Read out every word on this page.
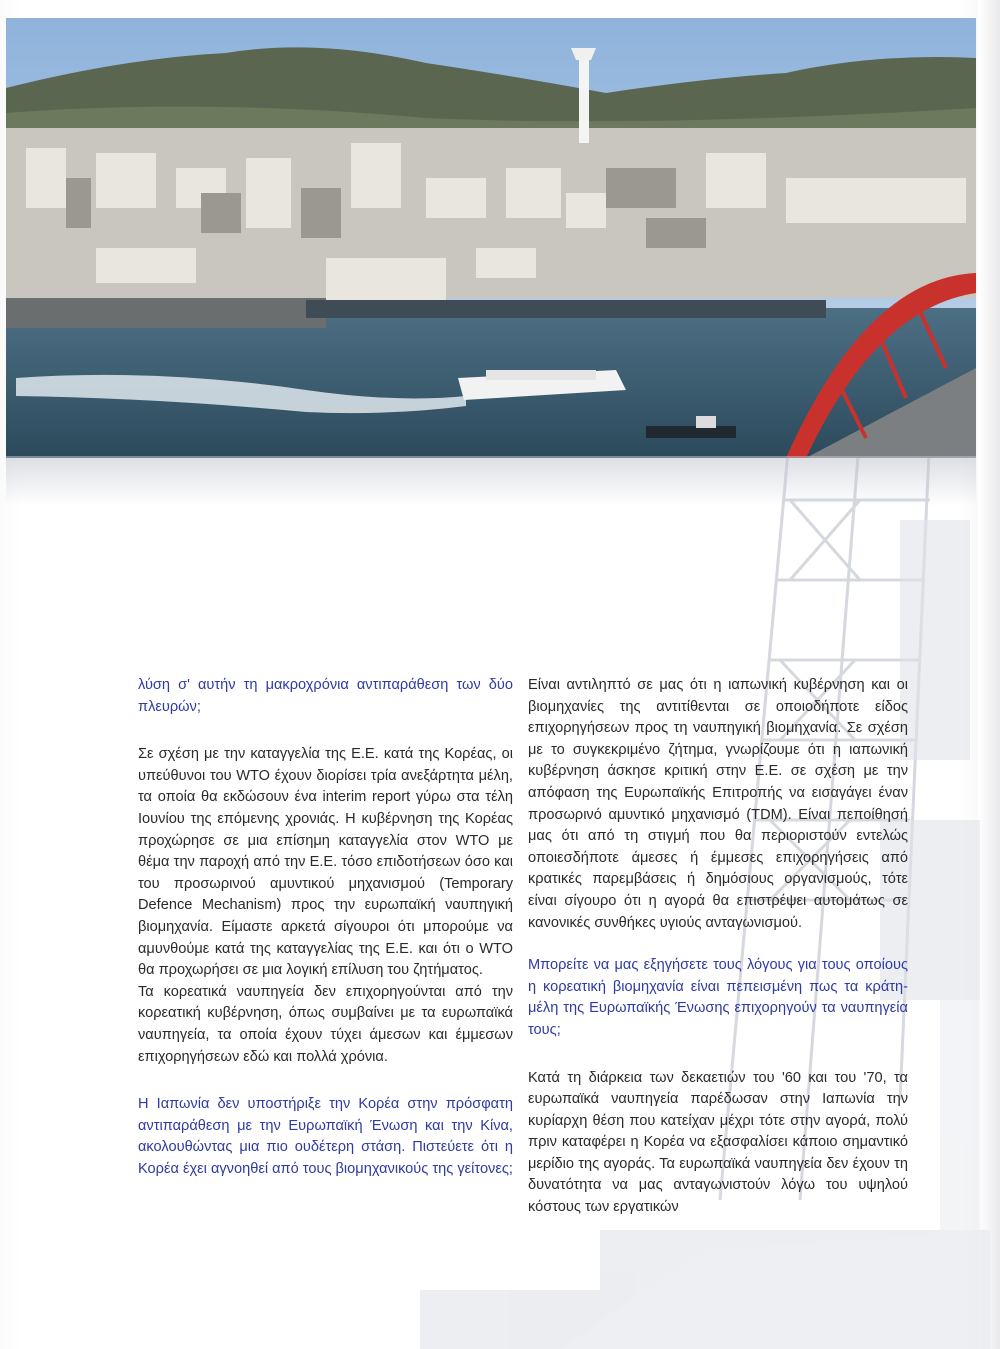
λύση σ' αυτήν τη μακροχρόνια αντιπαράθεση των δύο πλευρών;

Σε σχέση με την καταγγελία της Ε.Ε. κατά της Κορέας, οι υπεύθυνοι του WTO έχουν διορίσει τρία ανεξάρτητα μέλη, τα οποία θα εκδώσουν ένα interim report γύρω στα τέλη Ιουνίου της επόμενης χρονιάς. Η κυβέρνηση της Κορέας προχώρησε σε μια επίσημη καταγγελία στον WTO με θέμα την παροχή από την Ε.Ε. τόσο επιδοτήσεων όσο και του προσωρινού αμυντικού μηχανισμού (Temporary Defence Mechanism) προς την ευρωπαϊκή ναυπηγική βιομηχανία. Είμαστε αρκετά σίγουροι ότι μπορούμε να αμυνθούμε κατά της καταγγελίας της Ε.Ε. και ότι ο WTO θα προχωρήσει σε μια λογική επίλυση του ζητήματος.

Τα κορεατικά ναυπηγεία δεν επιχορηγούνται από την κορεατική κυβέρνηση, όπως συμβαίνει με τα ευρωπαϊκά ναυπηγεία, τα οποία έχουν τύχει άμεσων και έμμεσων επιχορηγήσεων εδώ και πολλά χρόνια.

Η Ιαπωνία δεν υποστήριξε την Κορέα στην πρόσφατη αντιπαράθεση με την Ευρωπαϊκή Ένωση και την Κίνα, ακολουθώντας μια πιο ουδέτερη στάση. Πιστεύετε ότι η Κορέα έχει αγνοηθεί από τους βιομηχανικούς της γείτονες;

Είναι αντιληπτό σε μας ότι η ιαπωνική κυβέρνηση και οι βιομηχανίες της αντιτίθενται σε οποιοδήποτε είδος επιχορηγήσεων προς τη ναυπηγική βιομηχανία. Σε σχέση με το συγκεκριμένο ζήτημα, γνωρίζουμε ότι η ιαπωνική κυβέρνηση άσκησε κριτική στην Ε.Ε. σε σχέση με την απόφαση της Ευρωπαϊκής Επιτροπής να εισαγάγει έναν προσωρινό αμυντικό μηχανισμό (TDM). Είναι πεποίθησή μας ότι από τη στιγμή που θα περιοριστούν εντελώς οποιεσδήποτε άμεσες ή έμμεσες επιχορηγήσεις από κρατικές παρεμβάσεις ή δημόσιους οργανισμούς, τότε είναι σίγουρο ότι η αγορά θα επιστρέψει αυτομάτως σε κανονικές συνθήκες υγιούς ανταγωνισμού.

Μπορείτε να μας εξηγήσετε τους λόγους για τους οποίους η κορεατική βιομηχανία είναι πεπεισμένη πως τα κράτη-μέλη της Ευρωπαϊκής Ένωσης επιχορηγούν τα ναυπηγεία τους;

Κατά τη διάρκεια των δεκαετιών του '60 και του '70, τα ευρωπαϊκά ναυπηγεία παρέδωσαν στην Ιαπωνία την κυρίαρχη θέση που κατείχαν μέχρι τότε στην αγορά, πολύ πριν καταφέρει η Κορέα να εξασφαλίσει κάποιο σημαντικό μερίδιο της αγοράς. Τα ευρωπαϊκά ναυπηγεία δεν έχουν τη δυνατότητα να μας ανταγωνιστούν λόγω του υψηλού κόστους των εργατικών
